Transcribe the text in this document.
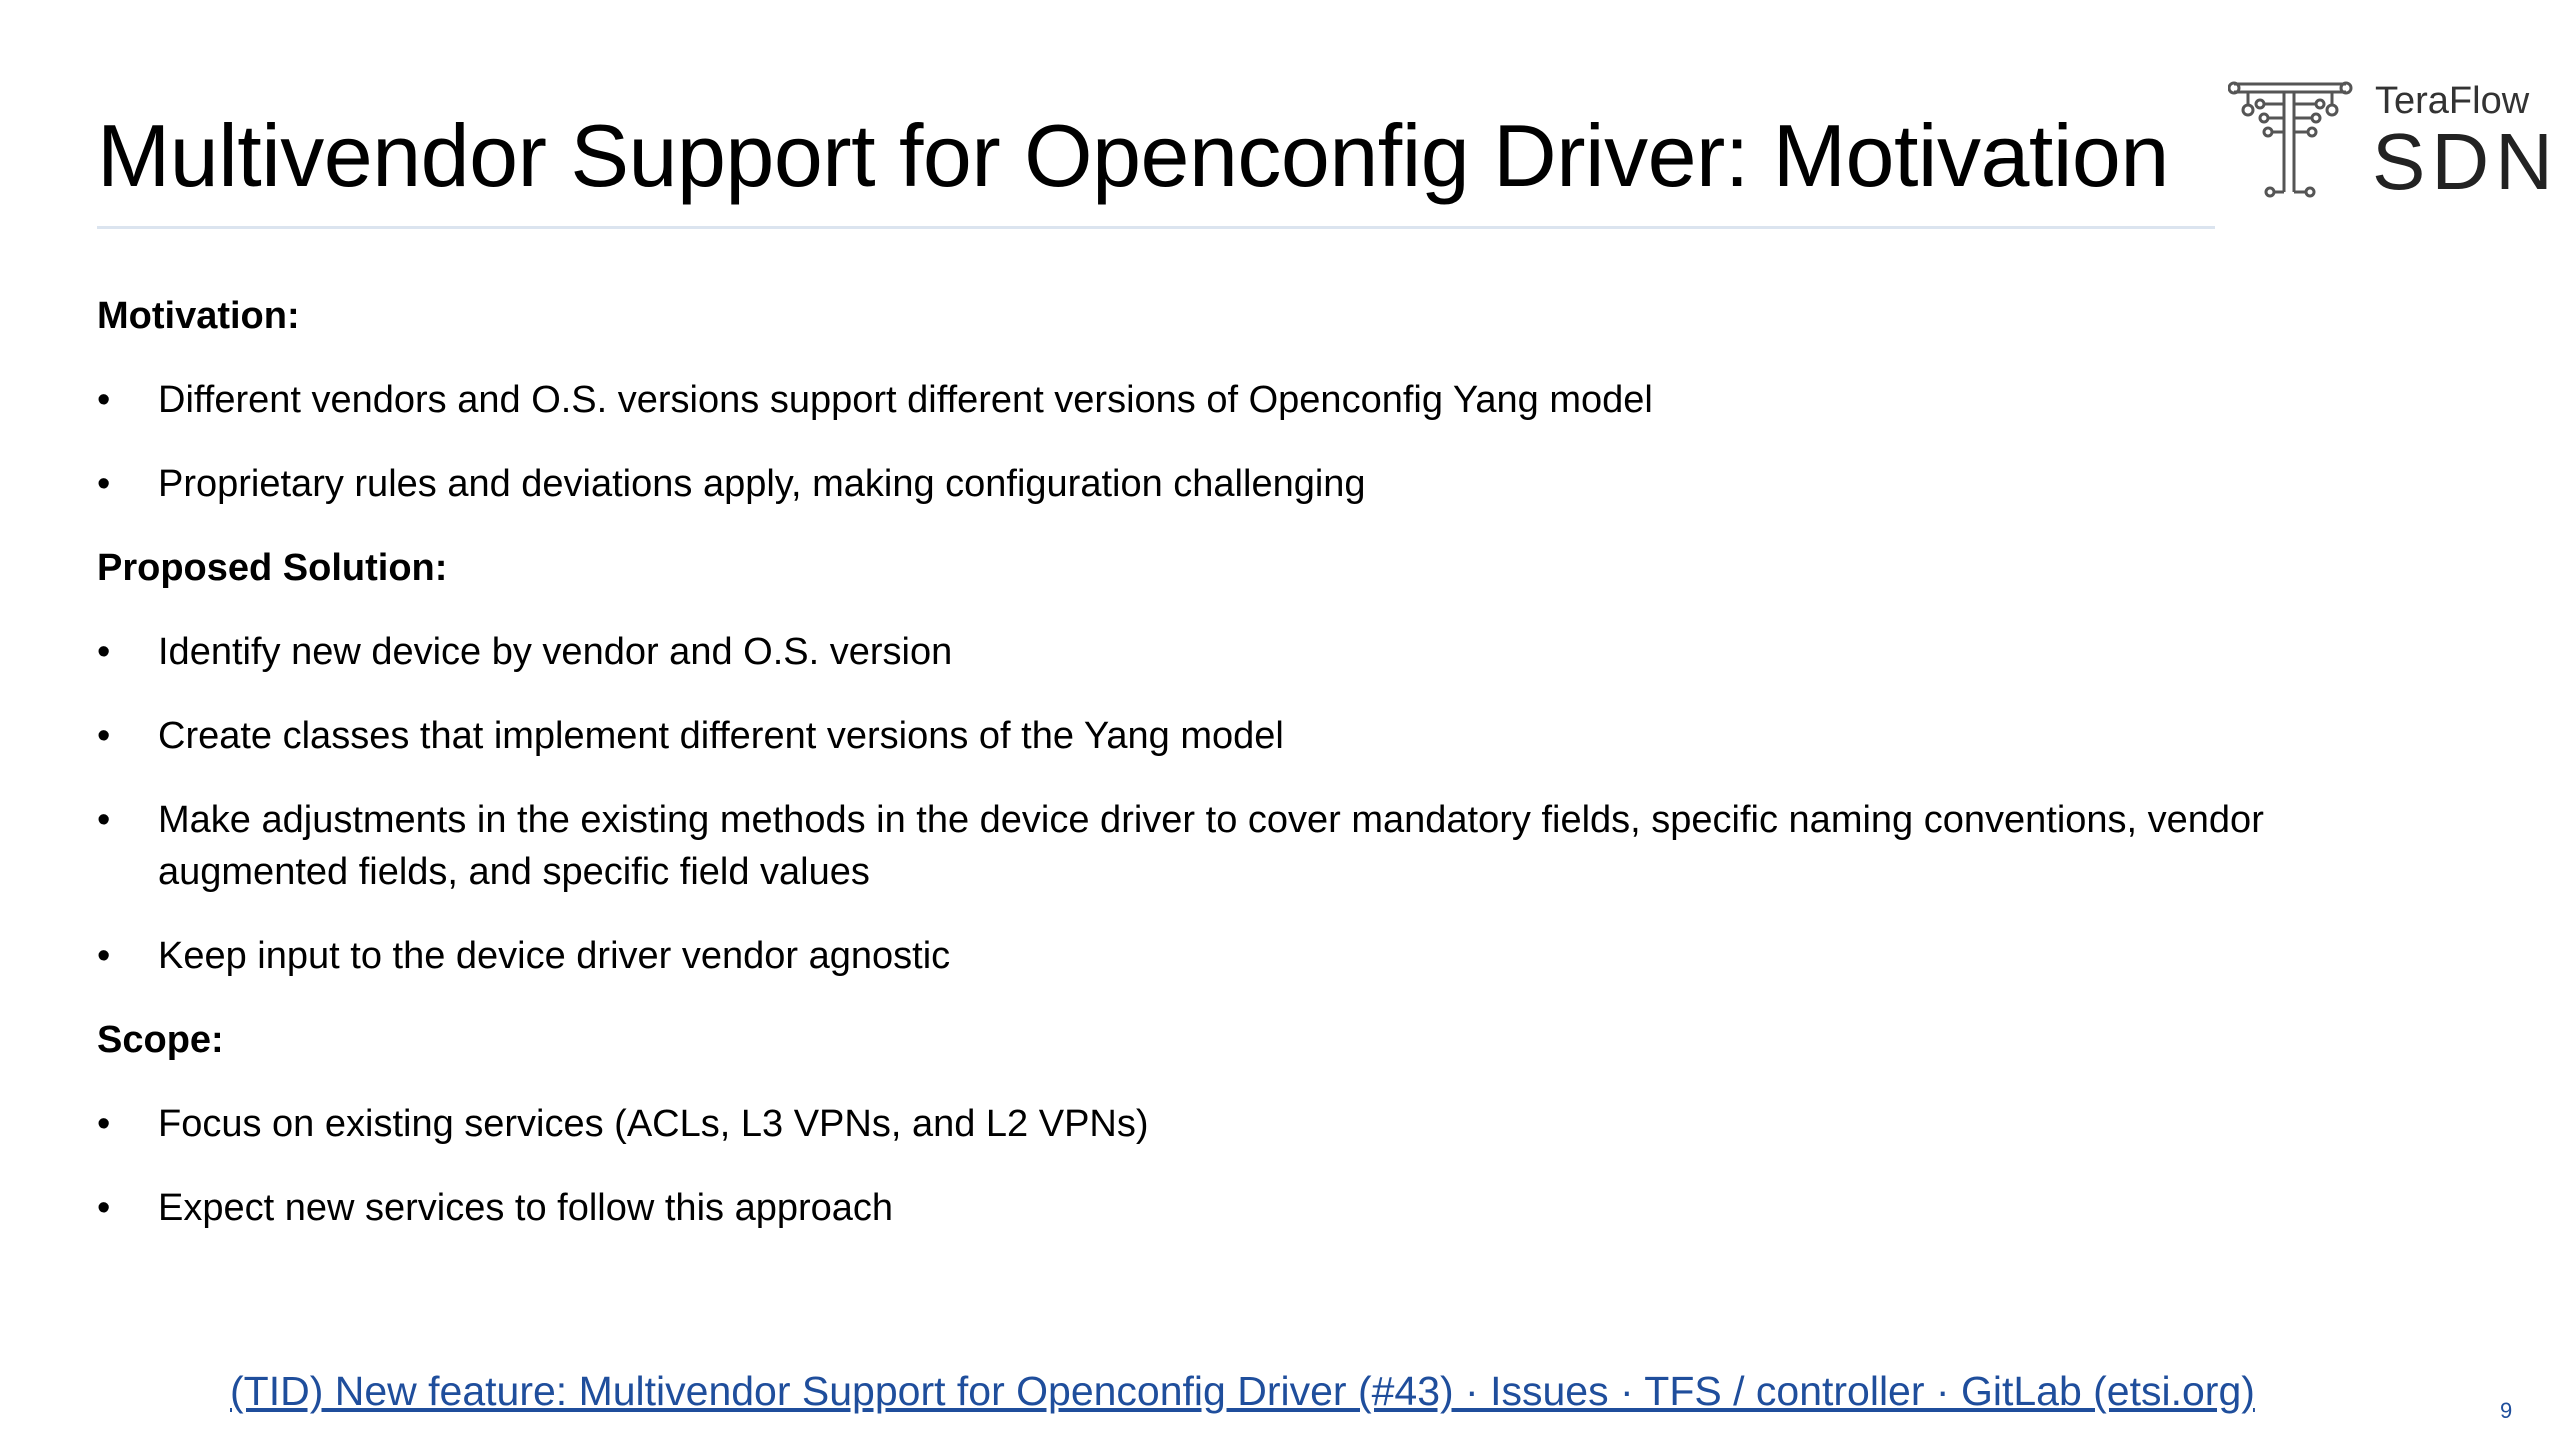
Multivendor Support for Openconfig Driver: Motivation
TeraFlow
SDN
Motivation:
• Different vendors and O.S. versions support different versions of Openconfig Yang model
• Proprietary rules and deviations apply, making configuration challenging
Proposed Solution:
• Identify new device by vendor and O.S. version
• Create classes that implement different versions of the Yang model
• Make adjustments in the existing methods in the device driver to cover mandatory fields, specific naming conventions, vendor augmented fields, and specific field values
• Keep input to the device driver vendor agnostic
Scope:
• Focus on existing services (ACLs, L3 VPNs, and L2 VPNs)
• Expect new services to follow this approach
(TID) New feature: Multivendor Support for Openconfig Driver (#43) · Issues · TFS / controller · GitLab (etsi.org)	9
